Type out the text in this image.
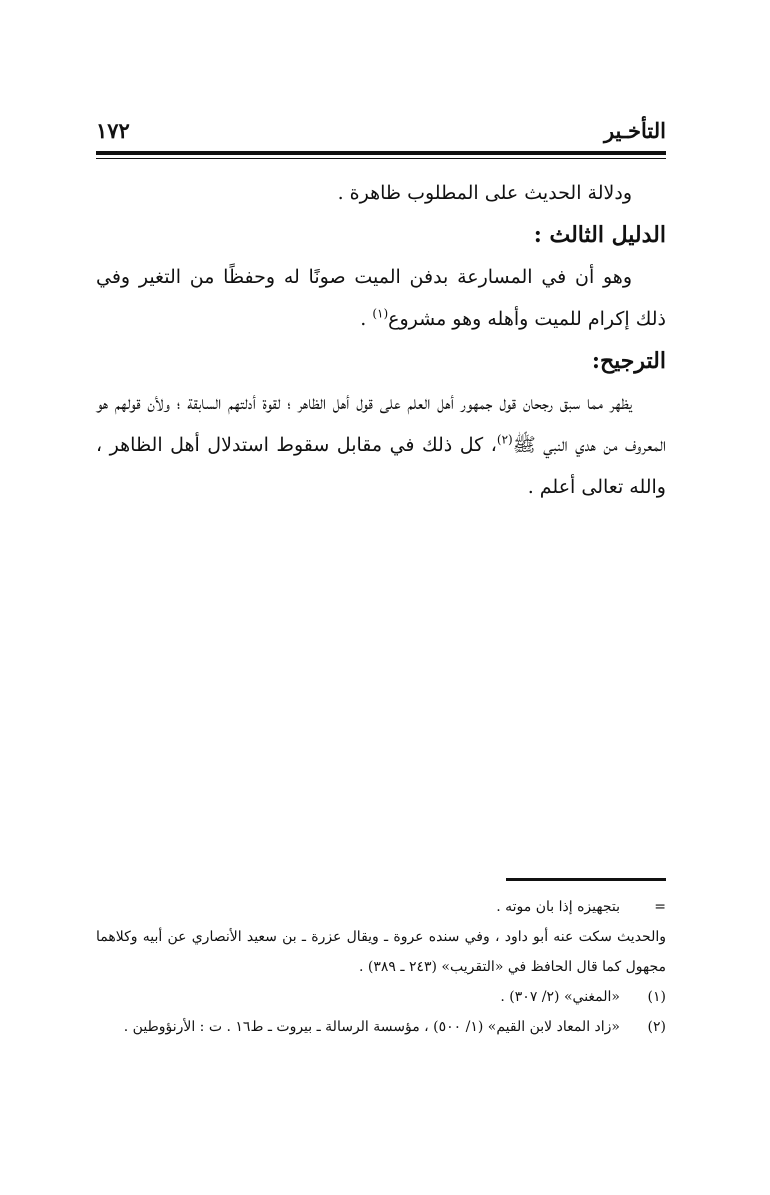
التأخـير
١٧٢

ودلالة الحديث على المطلوب ظاهرة .

الدليل الثالث :

وهو أن في المسارعة بدفن الميت صونًا له وحفظًا من التغير وفي ذلك إكرام للميت وأهله وهو مشروع$^{(١)}$ .

الترجيح:

يظهر مما سبق رجحان قول جمهور أهل العلم على قول أهل الظاهر ؛ لقوة أدلتهم السابقة ؛ ولأن قولهم هو المعروف من هدي النبي ﷺ$^{(٢)}$، كل ذلك في مقابل سقوط استدلال أهل الظاهر ، والله تعالى أعلم .

=
بتجهيزه إذا بان موته .

والحديث سكت عنه أبو داود ، وفي سنده عروة ـ ويقال عزرة ـ بن سعيد الأنصاري عن أبيه وكلاهما مجهول كما قال الحافظ في «التقريب» (٢٤٣ ـ ٣٨٩) .

(١)
«المغني» (٢/ ٣٠٧) .
(٢)
«زاد المعاد لابن القيم» (١/ ٥٠٠) ، مؤسسة الرسالة ـ بيروت ـ ط١٦ . ت : الأرنؤوطين .
